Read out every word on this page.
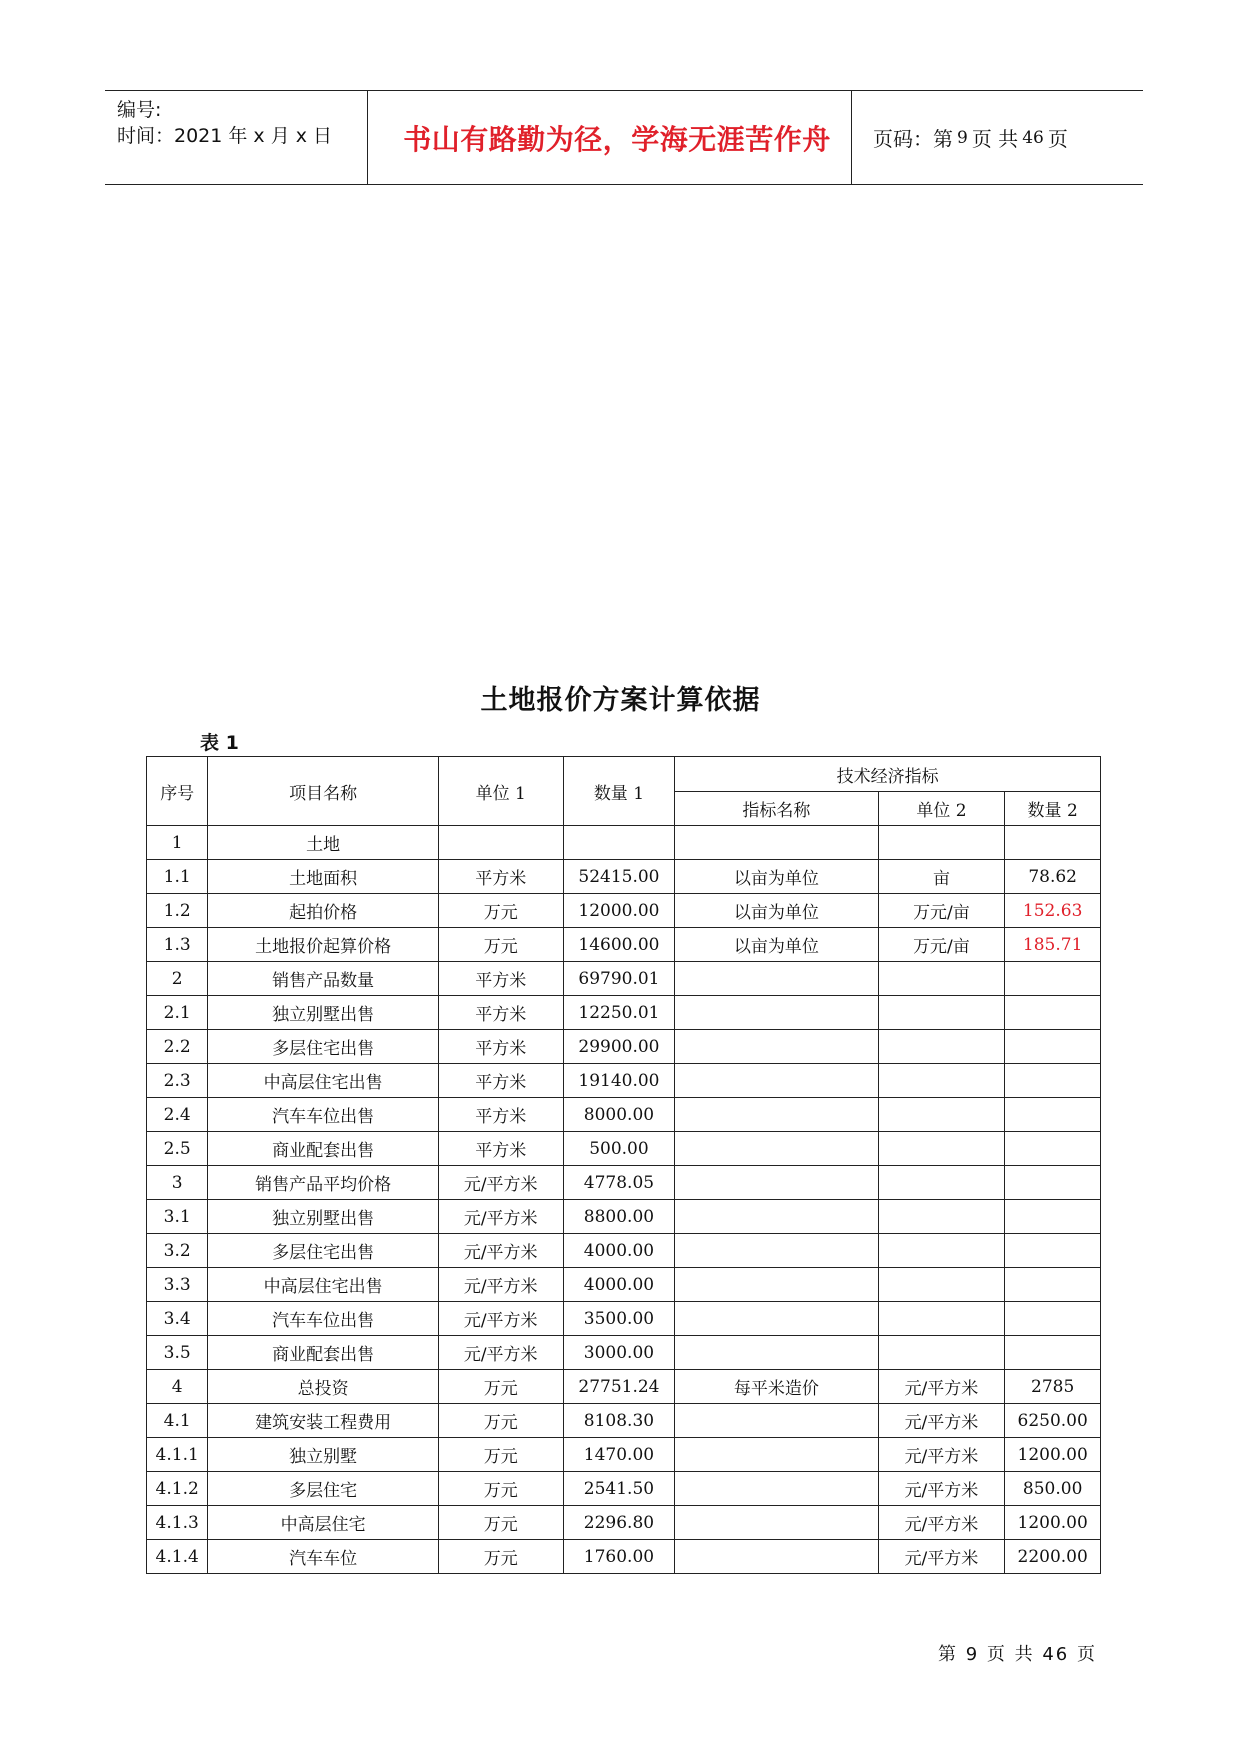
编号:
时间：2021 年 x 月 x 日	书山有路勤为径，学海无涯苦作舟	页码：第 9 页 共 46 页
土地报价方案计算依据
表 1
序号	项目名称	单位 1	数量 1	技术经济指标		
				指标名称	单位 2	数量 2
1	土地					
1.1	土地面积	平方米	52415.00	以亩为单位	亩	78.62
1.2	起拍价格	万元	12000.00	以亩为单位	万元/亩	152.63
1.3	土地报价起算价格	万元	14600.00	以亩为单位	万元/亩	185.71
2	销售产品数量	平方米	69790.01			
2.1	独立别墅出售	平方米	12250.01			
2.2	多层住宅出售	平方米	29900.00			
2.3	中高层住宅出售	平方米	19140.00			
2.4	汽车车位出售	平方米	8000.00			
2.5	商业配套出售	平方米	500.00			
3	销售产品平均价格	元/平方米	4778.05			
3.1	独立别墅出售	元/平方米	8800.00			
3.2	多层住宅出售	元/平方米	4000.00			
3.3	中高层住宅出售	元/平方米	4000.00			
3.4	汽车车位出售	元/平方米	3500.00			
3.5	商业配套出售	元/平方米	3000.00			
4	总投资	万元	27751.24	每平米造价	元/平方米	2785
4.1	建筑安装工程费用	万元	8108.30		元/平方米	6250.00
4.1.1	独立别墅	万元	1470.00		元/平方米	1200.00
4.1.2	多层住宅	万元	2541.50		元/平方米	850.00
4.1.3	中高层住宅	万元	2296.80		元/平方米	1200.00
4.1.4	汽车车位	万元	1760.00		元/平方米	2200.00
第 9 页 共 46 页
